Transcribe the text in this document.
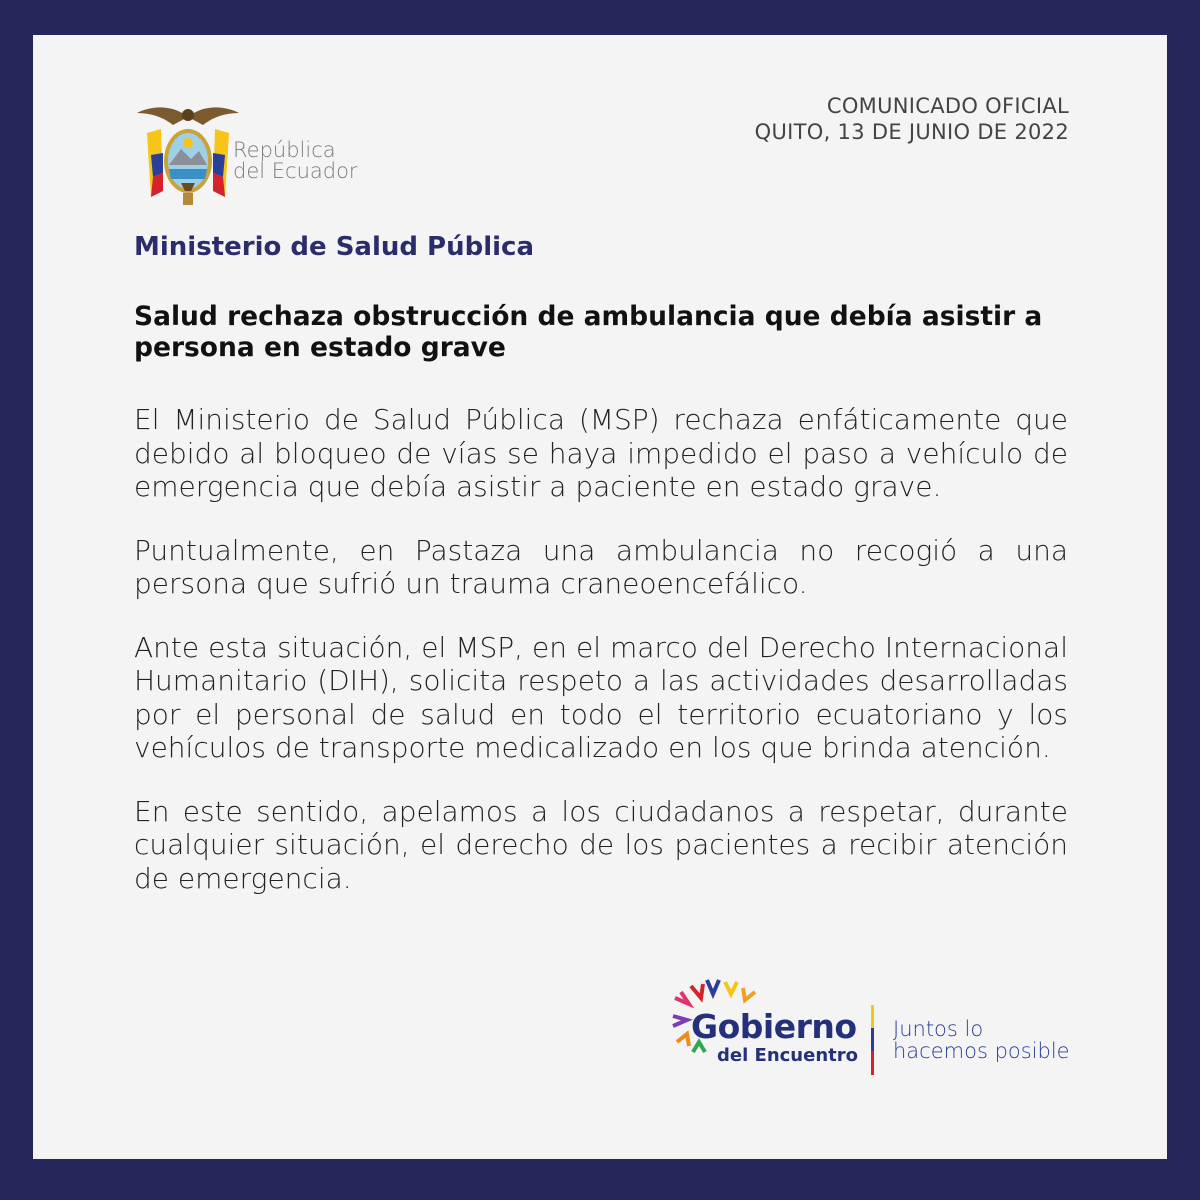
República
del Ecuador
COMUNICADO OFICIAL
QUITO, 13 DE JUNIO DE 2022
Ministerio de Salud Pública
Salud rechaza obstrucción de ambulancia que debía asistir a persona en estado grave

El Ministerio de Salud Pública (MSP) rechaza enfáticamente que debido al bloqueo de vías se haya impedido el paso a vehículo de emergencia que debía asistir a paciente en estado grave.

Puntualmente, en Pastaza una ambulancia no recogió a una persona que sufrió un trauma craneoencefálico.

Ante esta situación, el MSP, en el marco del Derecho Internacional Humanitario (DIH), solicita respeto a las actividades desarrolladas por el personal de salud en todo el territorio ecuatoriano y los vehículos de transporte medicalizado en los que brinda atención.

En este sentido, apelamos a los ciudadanos a respetar, durante cualquier situación, el derecho de los pacientes a recibir atención de emergencia.

Gobierno
del Encuentro
Juntos lo
hacemos posible
